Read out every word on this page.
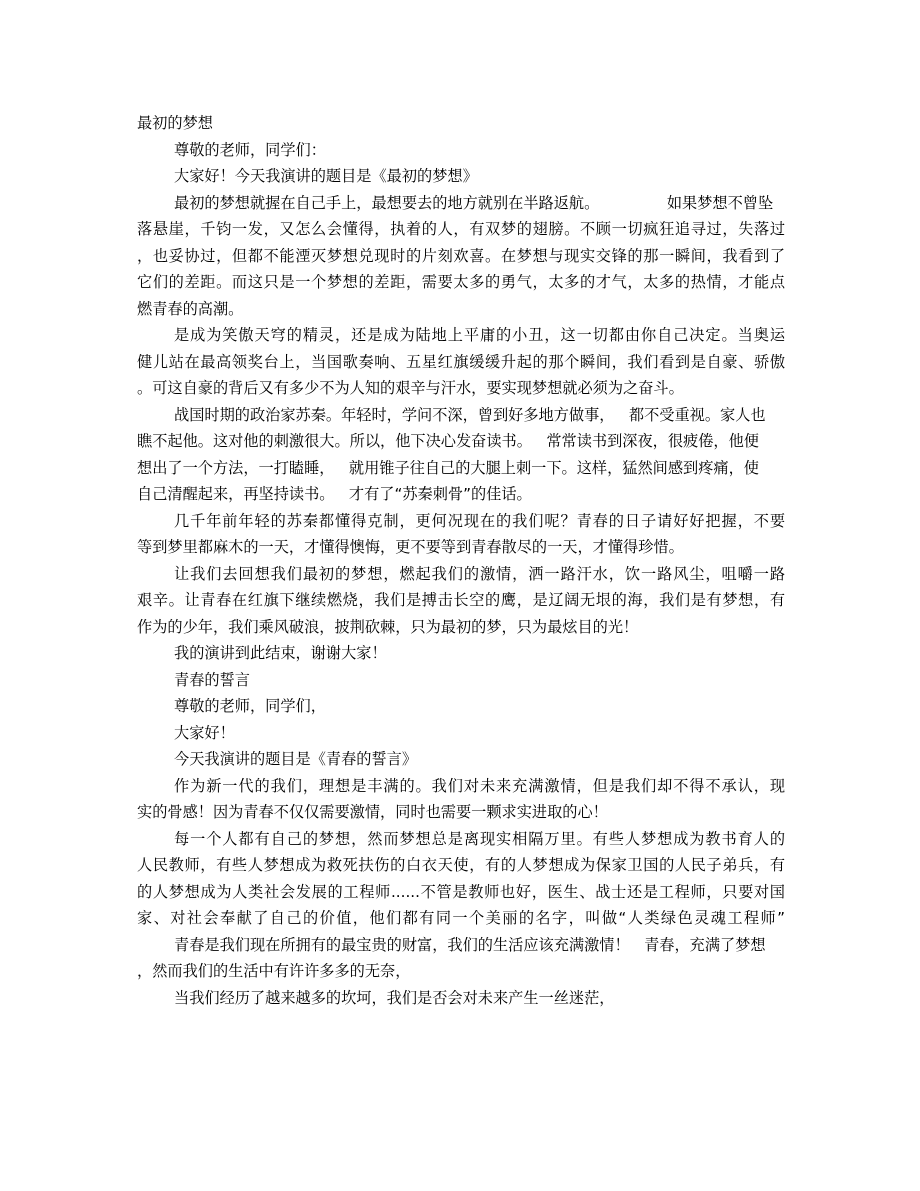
最初的梦想
尊敬的老师，同学们：
大家好！今天我演讲的题目是《最初的梦想》
最初的梦想就握在自己手上，最想要去的地方就别在半路返航。              如果梦想不曾坠
落悬崖，千钧一发，又怎么会懂得，执着的人，有双梦的翅膀。不顾一切疯狂追寻过，失落过
，也妥协过，但都不能湮灭梦想兑现时的片刻欢喜。在梦想与现实交锋的那一瞬间，我看到了
它们的差距。而这只是一个梦想的差距，需要太多的勇气，太多的才气，太多的热情，才能点
燃青春的高潮。
是成为笑傲天穹的精灵，还是成为陆地上平庸的小丑，这一切都由你自己决定。当奥运
健儿站在最高领奖台上，当国歌奏响、五星红旗缓缓升起的那个瞬间，我们看到是自豪、骄傲
。可这自豪的背后又有多少不为人知的艰辛与汗水，要实现梦想就必须为之奋斗。
战国时期的政治家苏秦。年轻时，学问不深，曾到好多地方做事，   都不受重视。家人也
瞧不起他。这对他的刺激很大。所以，他下决心发奋读书。   常常读书到深夜，很疲倦，他便
想出了一个方法，一打瞌睡，   就用锥子往自己的大腿上刺一下。这样，猛然间感到疼痛，使
自己清醒起来，再坚持读书。   才有了“苏秦刺骨”的佳话。
几千年前年轻的苏秦都懂得克制，更何况现在的我们呢？青春的日子请好好把握，不要
等到梦里都麻木的一天，才懂得懊悔，更不要等到青春散尽的一天，才懂得珍惜。
让我们去回想我们最初的梦想，燃起我们的激情，洒一路汗水，饮一路风尘，咀嚼一路
艰辛。让青春在红旗下继续燃烧，我们是搏击长空的鹰，是辽阔无垠的海，我们是有梦想，有
作为的少年，我们乘风破浪，披荆砍棘，只为最初的梦，只为最炫目的光！
我的演讲到此结束，谢谢大家！
青春的誓言
尊敬的老师，同学们，
大家好！
今天我演讲的题目是《青春的誓言》
作为新一代的我们，理想是丰满的。我们对未来充满激情，但是我们却不得不承认，现
实的骨感！因为青春不仅仅需要激情，同时也需要一颗求实进取的心！
每一个人都有自己的梦想，然而梦想总是离现实相隔万里。有些人梦想成为教书育人的
人民教师，有些人梦想成为救死扶伤的白衣天使，有的人梦想成为保家卫国的人民子弟兵，有
的人梦想成为人类社会发展的工程师......不管是教师也好，医生、战士还是工程师，只要对国
家、对社会奉献了自己的价值，他们都有同一个美丽的名字，叫做“人类绿色灵魂工程师”
青春是我们现在所拥有的最宝贵的财富，我们的生活应该充满激情！   青春，充满了梦想
，然而我们的生活中有许许多多的无奈，
当我们经历了越来越多的坎坷，我们是否会对未来产生一丝迷茫，
